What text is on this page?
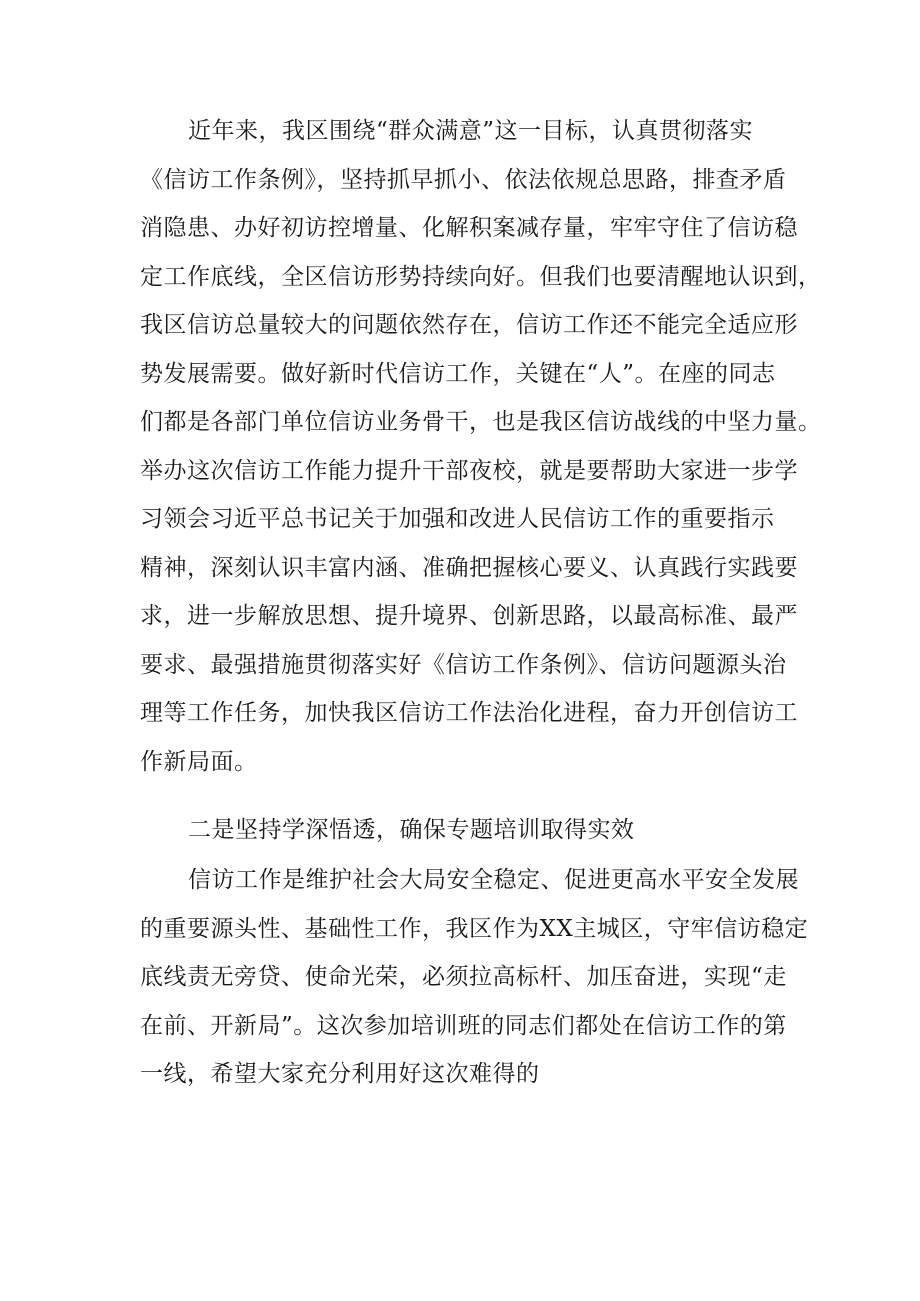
近年来，我区围绕“群众满意”这一目标，认真贯彻落实
《信访工作条例》，坚持抓早抓小、依法依规总思路，排查矛盾
消隐患、办好初访控增量、化解积案减存量，牢牢守住了信访稳
定工作底线，全区信访形势持续向好。但我们也要清醒地认识到，
我区信访总量较大的问题依然存在，信访工作还不能完全适应形
势发展需要。做好新时代信访工作，关键在“人”。在座的同志
们都是各部门单位信访业务骨干，也是我区信访战线的中坚力量。
举办这次信访工作能力提升干部夜校，就是要帮助大家进一步学
习领会习近平总书记关于加强和改进人民信访工作的重要指示
精神，深刻认识丰富内涵、准确把握核心要义、认真践行实践要
求，进一步解放思想、提升境界、创新思路，以最高标准、最严
要求、最强措施贯彻落实好《信访工作条例》、信访问题源头治
理等工作任务，加快我区信访工作法治化进程，奋力开创信访工
作新局面。
二是坚持学深悟透，确保专题培训取得实效
信访工作是维护社会大局安全稳定、促进更高水平安全发展
的重要源头性、基础性工作，我区作为XX主城区，守牢信访稳定
底线责无旁贷、使命光荣，必须拉高标杆、加压奋进，实现“走
在前、开新局”。这次参加培训班的同志们都处在信访工作的第
一线，希望大家充分利用好这次难得的
